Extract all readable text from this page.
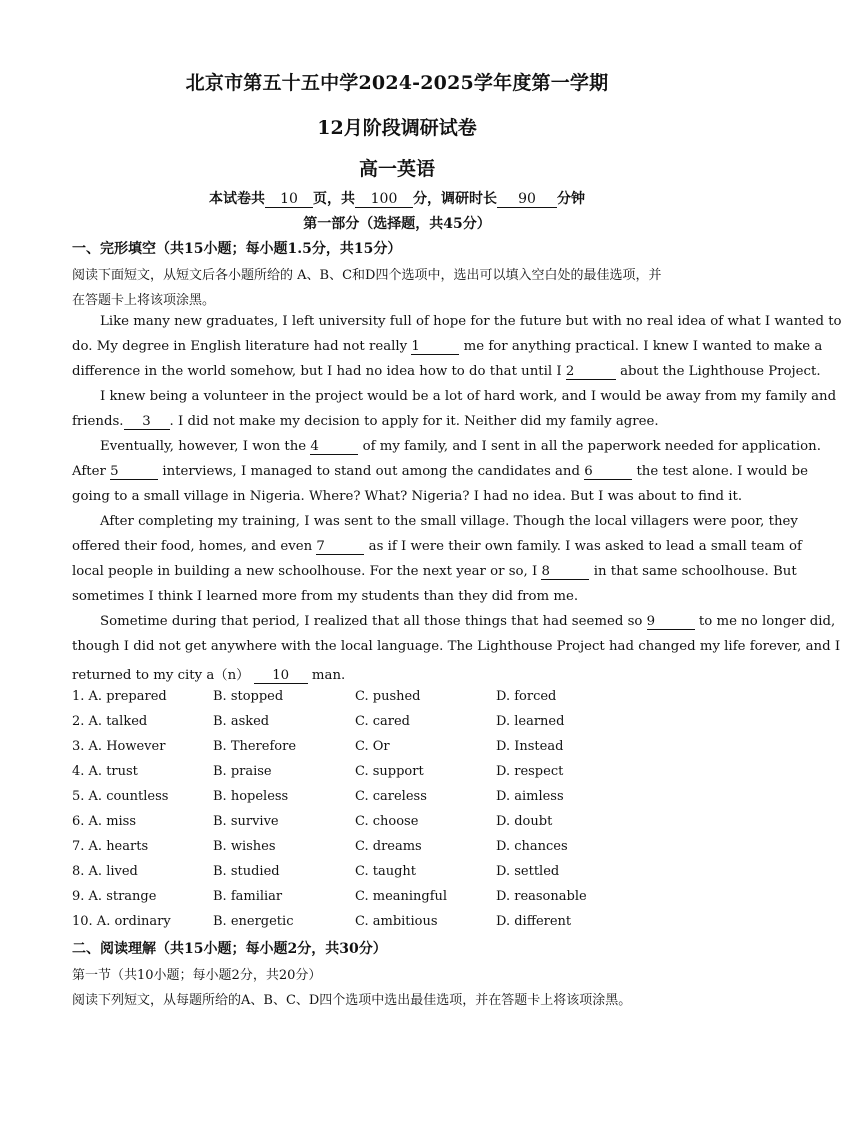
北京市第五十五中学2024-2025学年度第一学期
12月阶段调研试卷
高一英语
本试卷共 10 页，共 100 分，调研时长 90 分钟
第一部分（选择题，共45分）
一、完形填空（共15小题；每小题1.5分，共15分）
阅读下面短文，从短文后各小题所给的 A、B、C和D四个选项中，选出可以填入空白处的最佳选项，并
在答题卡上将该项涂黑。
Like many new graduates, I left university full of hope for the future but with no real idea of what I wanted to
do. My degree in English literature had not really 1	me for anything practical. I knew I wanted to make a
difference in the world somehow, but I had no idea how to do that until I 2	about the Lighthouse Project.
I knew being a volunteer in the project would be a lot of hard work, and I would be away from my family and
friends. 3 . I did not make my decision to apply for it. Neither did my family agree.
Eventually, however, I won the 4	of my family, and I sent in all the paperwork needed for application.
After 5	interviews, I managed to stand out among the candidates and 6	the test alone. I would be
going to a small village in Nigeria. Where? What? Nigeria? I had no idea. But I was about to find it.
After completing my training, I was sent to the small village. Though the local villagers were poor, they
offered their food, homes, and even 7	as if I were their own family. I was asked to lead a small team of
local people in building a new schoolhouse. For the next year or so, I 8	in that same schoolhouse. But
sometimes I think I learned more from my students than they did from me.
Sometime during that period, I realized that all those things that had seemed so 9	to me no longer did,
though I did not get anywhere with the local language. The Lighthouse Project had changed my life forever, and I
returned to my city a（n） 10 man.
1. A. prepared	B. stopped	C. pushed	D. forced
2. A. talked	B. asked	C. cared	D. learned
3. A. However	B. Therefore	C. Or	D. Instead
4. A. trust	B. praise	C. support	D. respect
5. A. countless	B. hopeless	C. careless	D. aimless
6. A. miss	B. survive	C. choose	D. doubt
7. A. hearts	B. wishes	C. dreams	D. chances
8. A. lived	B. studied	C. taught	D. settled
9. A. strange	B. familiar	C. meaningful	D. reasonable
10. A. ordinary	B. energetic	C. ambitious	D. different
二、阅读理解（共15小题；每小题2分，共30分）
第一节（共10小题；每小题2分，共20分）
阅读下列短文，从每题所给的A、B、C、D四个选项中选出最佳选项，并在答题卡上将该项涂黑。
